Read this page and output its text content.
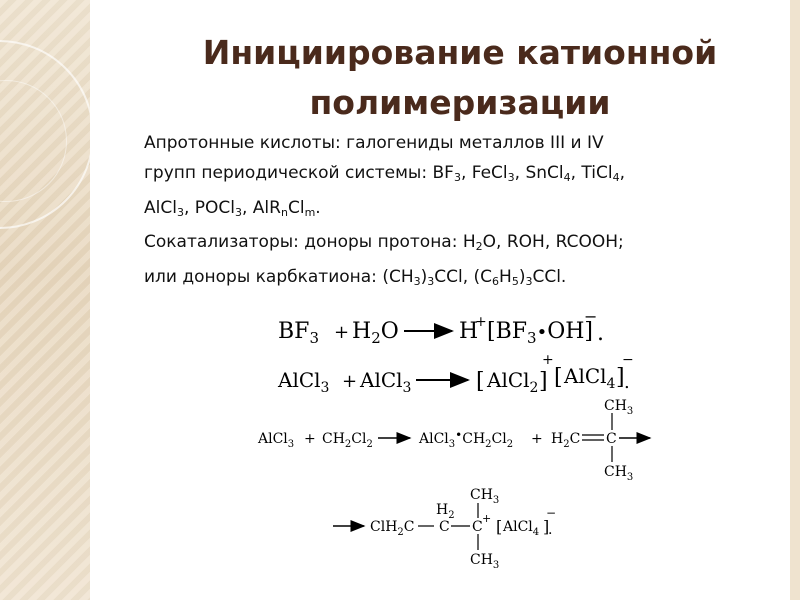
Инициирование катионной
полимеризации
Апротонные кислоты: галогениды металлов III и IV
групп периодической системы: $BF_3$, FeCl$_3$, SnCl$_4$, TiCl$_4$,
AlCl$_3$, POCl$_3$, $AlR_nCl_m$.
Сокатализаторы: доноры протона: $H_2O$, ROH, RCOOH;
или доноры карбкатиона: $(CH_3)_3CCl$, $(C_6H_5)_3CCl$.
$BF_3 + H_2O$	H
+ $[BF_3^•OH]$
−
.
AlCl$_3$ + AlCl$_3$	[ AlCl$_2$ ]
+
[ AlCl$_4$ ]
−
.
AlCl$_3$ + $CH_2Cl_2$	$AlCl_3•CH_2Cl_2 + H_2C$ C
$CH_3$
$CH_3$
ClH$_2$C
$H_2$
C C
+
$CH_3$
$CH_3$
[ AlCl$_4$ ]
−
.
